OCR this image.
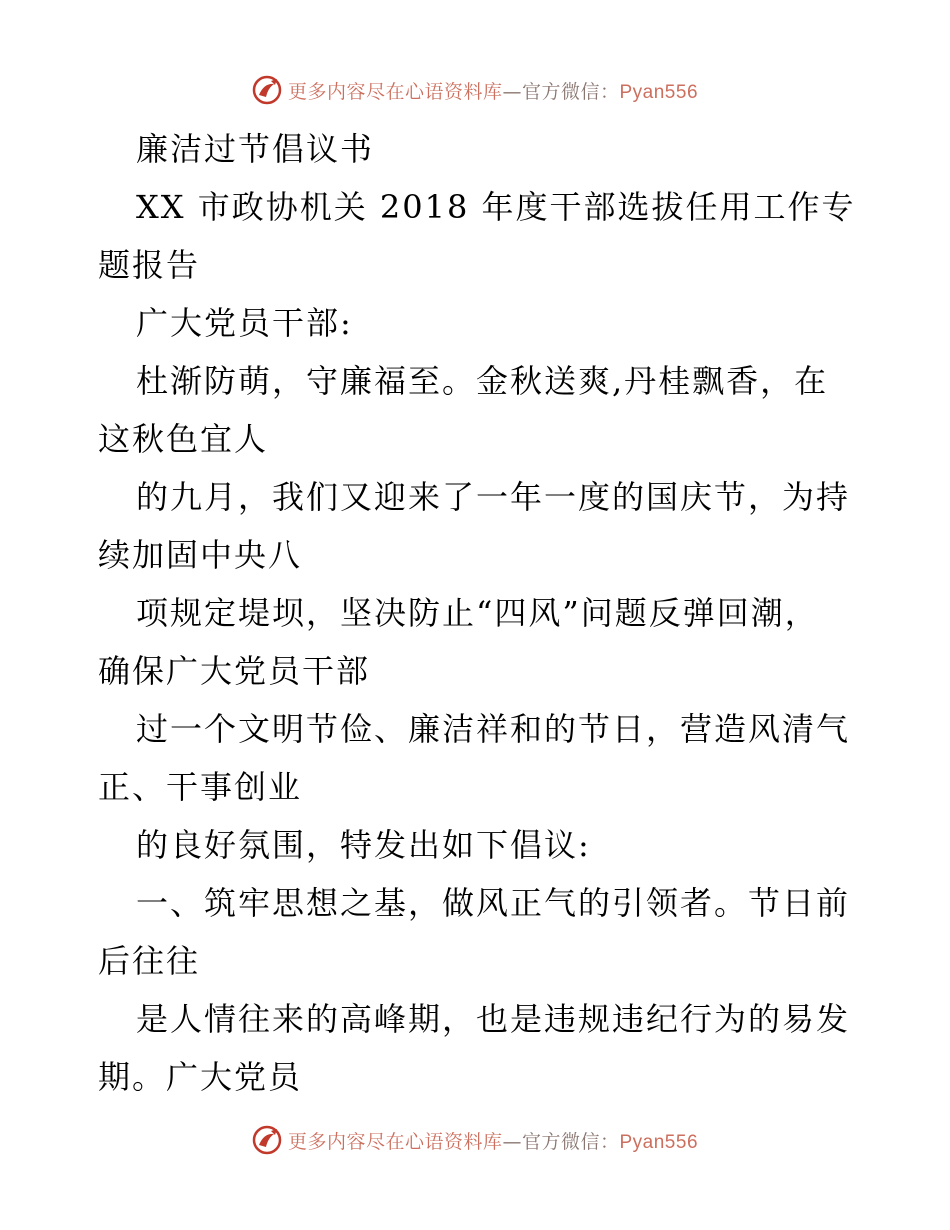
更多内容尽在心语资料库—官方微信：Pyan556
廉洁过节倡议书
XX 市政协机关 2018 年度干部选拔任用工作专
题报告
广大党员干部:
杜渐防萌，守廉福至。金秋送爽,丹桂飘香，在
这秋色宜人
的九月，我们又迎来了一年一度的国庆节，为持
续加固中央八
项规定堤坝，坚决防止“四风”问题反弹回潮，
确保广大党员干部
过一个文明节俭、廉洁祥和的节日，营造风清气
正、干事创业
的良好氛围，特发出如下倡议:
一、筑牢思想之基，做风正气的引领者。节日前
后往往
是人情往来的高峰期，也是违规违纪行为的易发
期。广大党员
更多内容尽在心语资料库—官方微信：Pyan556
